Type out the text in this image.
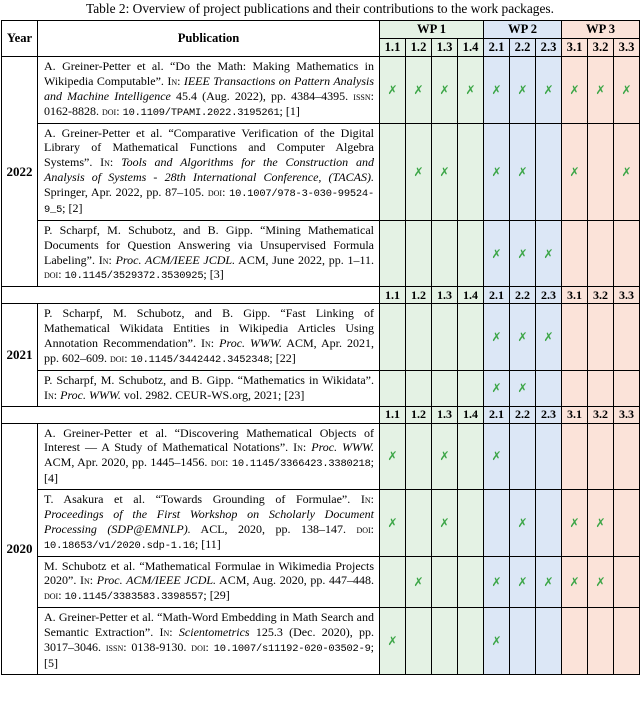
Table 2: Overview of project publications and their contributions to the work packages.
Year	Publication	WP 1				WP 2			WP 3		
		1.1	1.2	1.3	1.4	2.1	2.2	2.3	3.1	3.2	3.3
2022	A. Greiner-Petter et al. “Do the Math: Making Mathematics in Wikipedia Computable”. In: IEEE Transactions on Pattern Analysis and Machine Intelligence 45.4 (Aug. 2022), pp. 4384–4395. issn: 0162-8828. doi: 10.1109/TPAMI.2022.3195261; [1]	✗	✗	✗	✗	✗	✗	✗	✗	✗	✗
	A. Greiner-Petter et al. “Comparative Verification of the Digital Library of Mathematical Functions and Computer Algebra Systems”. In: Tools and Algorithms for the Construction and Analysis of Systems - 28th International Conference, (TACAS). Springer, Apr. 2022, pp. 87–105. doi: 10.1007/978-3-030-99524-9_5; [2]		✗	✗		✗	✗		✗		✗
	P. Scharpf, M. Schubotz, and B. Gipp. “Mining Mathematical Documents for Question Answering via Unsupervised Formula Labeling”. In: Proc. ACM/IEEE JCDL. ACM, June 2022, pp. 1–11. doi: 10.1145/3529372.3530925; [3]					✗	✗	✗			
		1.1	1.2	1.3	1.4	2.1	2.2	2.3	3.1	3.2	3.3
2021	P. Scharpf, M. Schubotz, and B. Gipp. “Fast Linking of Mathematical Wikidata Entities in Wikipedia Articles Using Annotation Recommendation”. In: Proc. WWW. ACM, Apr. 2021, pp. 602–609. doi: 10.1145/3442442.3452348; [22]					✗	✗	✗			
	P. Scharpf, M. Schubotz, and B. Gipp. “Mathematics in Wikidata”. In: Proc. WWW. vol. 2982. CEUR-WS.org, 2021; [23]					✗	✗				
		1.1	1.2	1.3	1.4	2.1	2.2	2.3	3.1	3.2	3.3
2020	A. Greiner-Petter et al. “Discovering Mathematical Objects of Interest — A Study of Mathematical Notations”. In: Proc. WWW. ACM, Apr. 2020, pp. 1445–1456. doi: 10.1145/3366423.3380218; [4]	✗		✗		✗					
	T. Asakura et al. “Towards Grounding of Formulae”. In: Proceedings of the First Workshop on Scholarly Document Processing (SDP@EMNLP). ACL, 2020, pp. 138–147. doi: 10.18653/v1/2020.sdp-1.16; [11]	✗		✗			✗		✗	✗	
	M. Schubotz et al. “Mathematical Formulae in Wikimedia Projects 2020”. In: Proc. ACM/IEEE JCDL. ACM, Aug. 2020, pp. 447–448. doi: 10.1145/3383583.3398557; [29]		✗			✗	✗	✗	✗	✗	
	A. Greiner-Petter et al. “Math-Word Embedding in Math Search and Semantic Extraction”. In: Scientometrics 125.3 (Dec. 2020), pp. 3017–3046. issn: 0138-9130. doi: 10.1007/s11192-020-03502-9; [5]	✗				✗					
